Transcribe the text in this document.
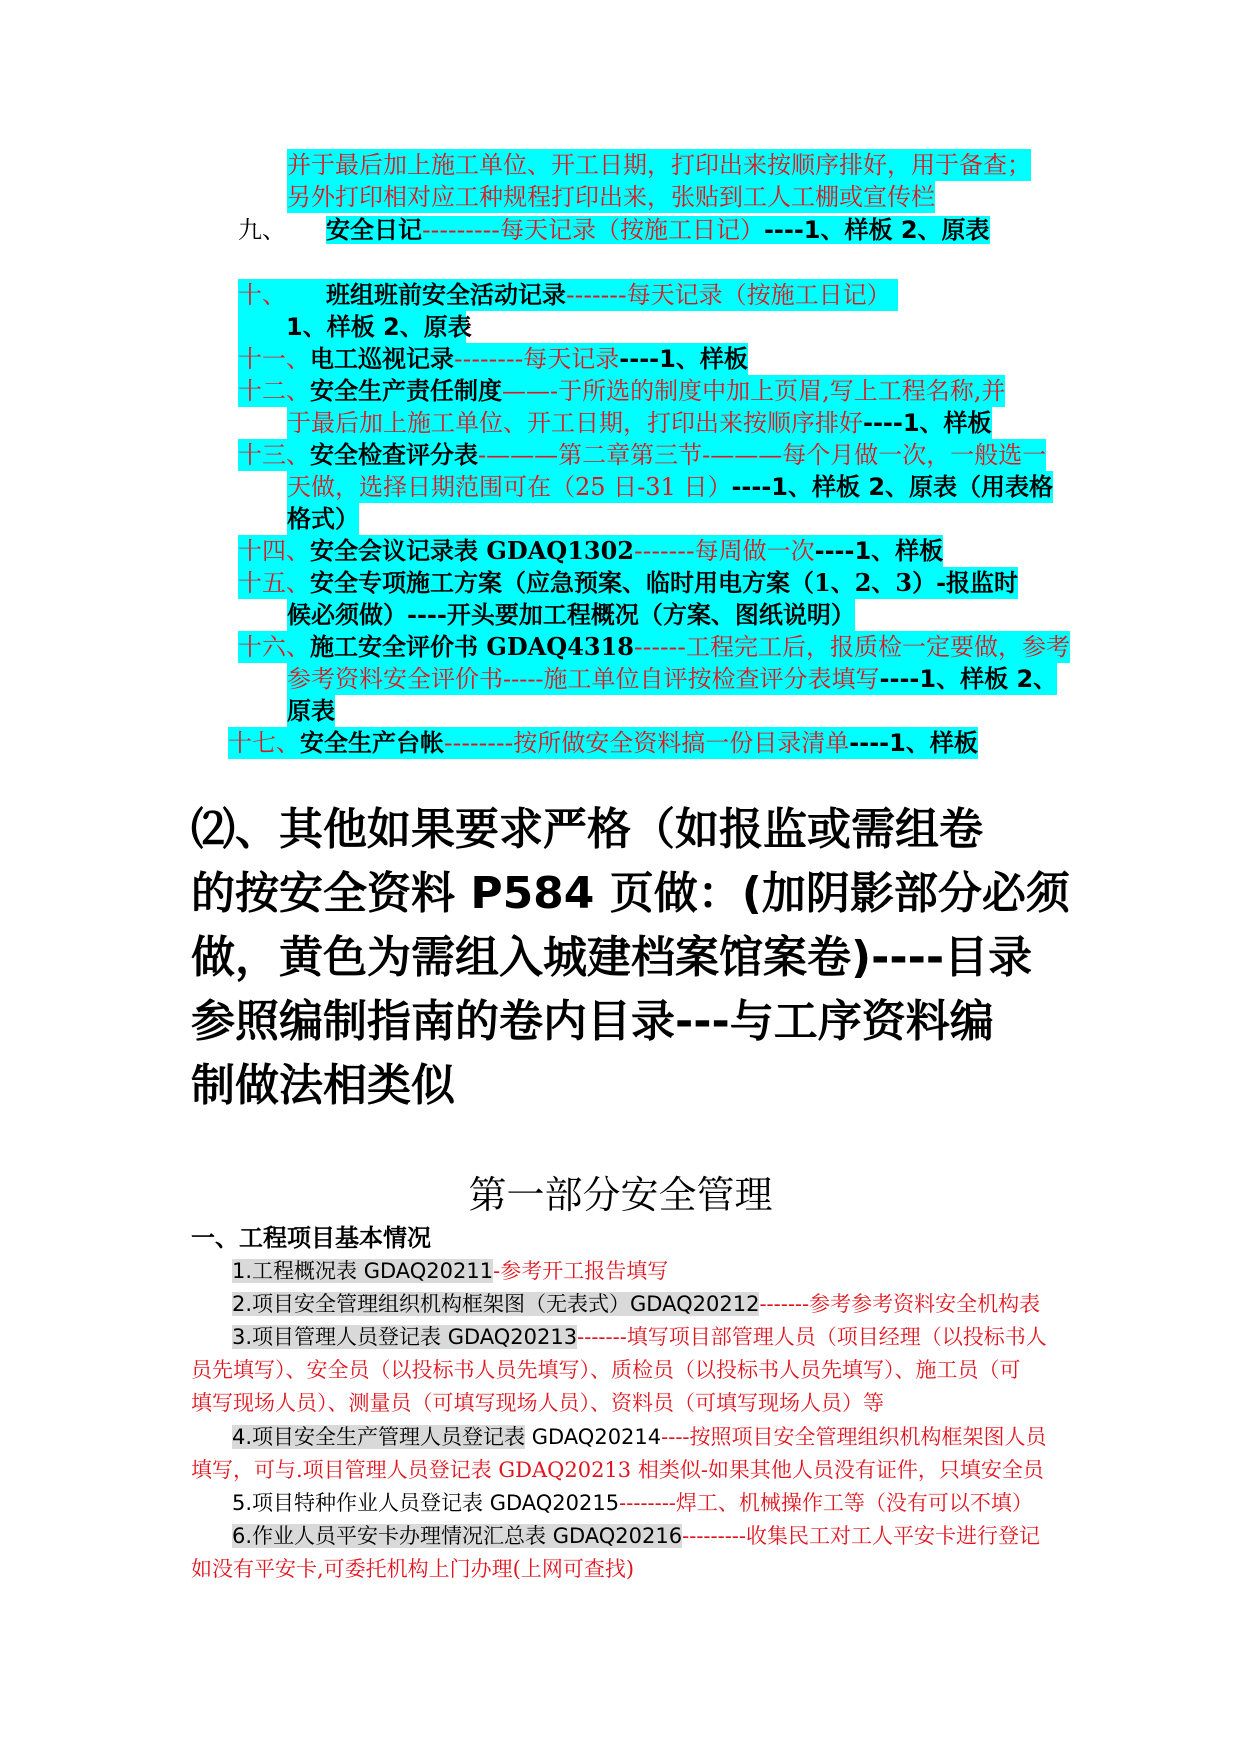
并于最后加上施工单位、开工日期，打印出来按顺序排好，用于备查；
另外打印相对应工种规程打印出来，张贴到工人工棚或宣传栏
九、 安全日记---------每天记录（按施工日记）----1、样板 2、原表
十、 班组班前安全活动记录-------每天记录（按施工日记）
1、样板 2、原表
十一、电工巡视记录--------每天记录----1、样板
十二、安全生产责任制度——-于所选的制度中加上页眉,写上工程名称,并
于最后加上施工单位、开工日期，打印出来按顺序排好----1、样板
十三、安全检查评分表-———第二章第三节-———每个月做一次，一般选一
天做，选择日期范围可在（25 日-31 日）----1、样板 2、原表（用表格
格式）
十四、安全会议记录表 GDAQ1302-------每周做一次----1、样板
十五、安全专项施工方案（应急预案、临时用电方案（1、2、3）-报监时
候必须做）----开头要加工程概况（方案、图纸说明）
十六、施工安全评价书 GDAQ4318------工程完工后，报质检一定要做，参考
参考资料安全评价书-----施工单位自评按检查评分表填写----1、样板 2、
原表
十七、安全生产台帐--------按所做安全资料搞一份目录清单----1、样板
⑵、其他如果要求严格（如报监或需组卷
的按安全资料 P584 页做：(加阴影部分必须
做，黄色为需组入城建档案馆案卷)----目录
参照编制指南的卷内目录---与工序资料编
制做法相类似
第一部分安全管理
一、工程项目基本情况
1.工程概况表 GDAQ20211-参考开工报告填写
2.项目安全管理组织机构框架图（无表式）GDAQ20212-------参考参考资料安全机构表
3.项目管理人员登记表 GDAQ20213-------填写项目部管理人员（项目经理（以投标书人
员先填写）、安全员（以投标书人员先填写）、质检员（以投标书人员先填写）、施工员（可
填写现场人员）、测量员（可填写现场人员）、资料员（可填写现场人员）等
4.项目安全生产管理人员登记表 GDAQ20214----按照项目安全管理组织机构框架图人员
填写，可与.项目管理人员登记表 GDAQ20213 相类似-如果其他人员没有证件，只填安全员
5.项目特种作业人员登记表 GDAQ20215--------焊工、机械操作工等（没有可以不填）
6.作业人员平安卡办理情况汇总表 GDAQ20216---------收集民工对工人平安卡进行登记
如没有平安卡,可委托机构上门办理(上网可查找)
